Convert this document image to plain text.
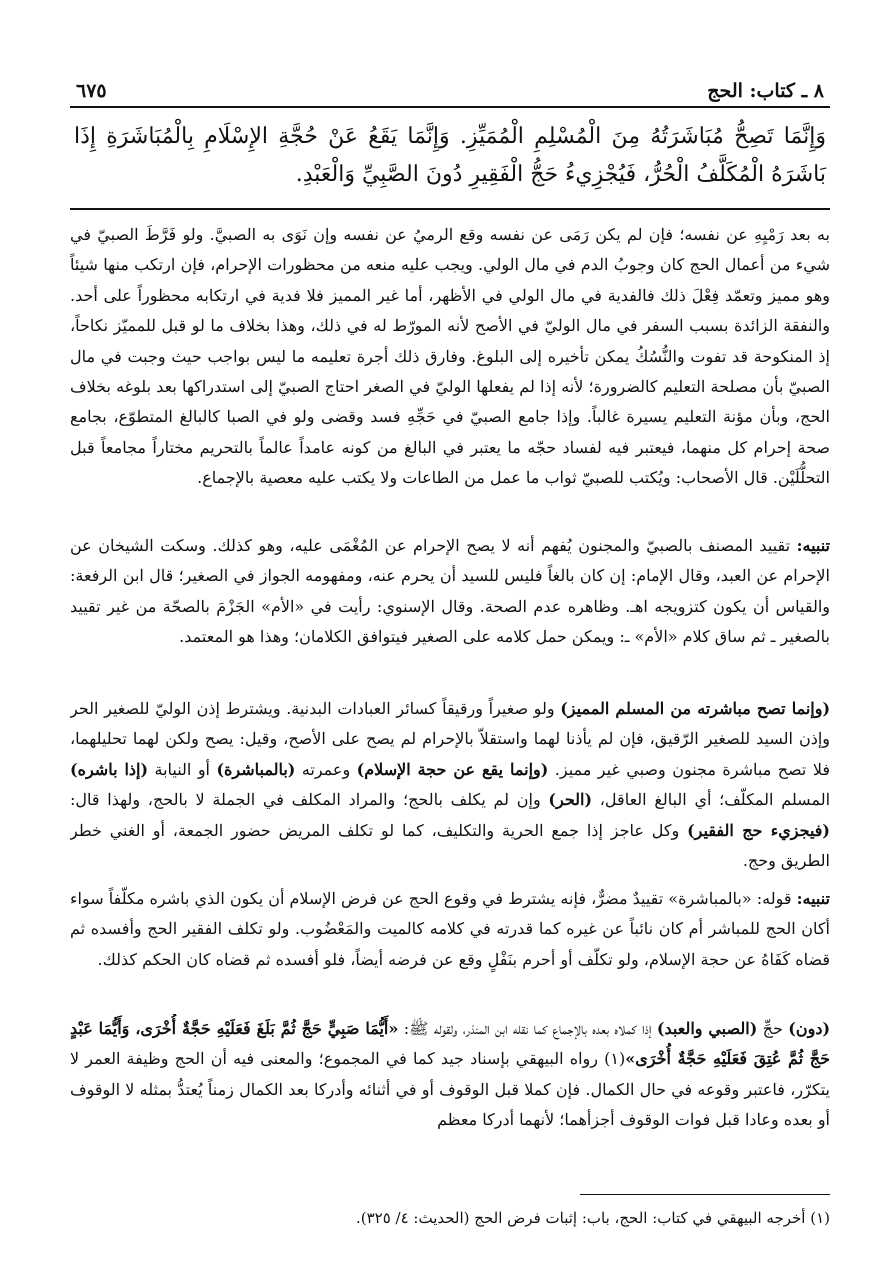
٨ ـ كتاب: الحج
٦٧٥
وَإِنَّمَا تَصِحُّ مُبَاشَرَتُهُ مِنَ الْمُسْلِمِ الْمُمَيِّزِ. وَإِنَّمَا يَقَعُ عَنْ حُجَّةِ الإِسْلَامِ بِالْمُبَاشَرَةِ إِذَا بَاشَرَهُ الْمُكَلَّفُ الْحُرُّ، فَيُجْزِيءُ حَجُّ الْفَقِيرِ دُونَ الصَّبِيِّ وَالْعَبْدِ.

به بعد رَمْيِهِ عن نفسه؛ فإن لم يكن رَمَى عن نفسه وقع الرميُ عن نفسه وإن نَوَى به الصبيَّ. ولو فَرَّطَ الصبيّ في شيء من أعمال الحج كان وجوبُ الدم في مال الولي. ويجب عليه منعه من محظورات الإحرام، فإن ارتكب منها شيئاً وهو مميز وتعمّد فِعْلَ ذلك فالفدية في مال الولي في الأظهر، أما غير المميز فلا فدية في ارتكابه محظوراً على أحد. والنفقة الزائدة بسبب السفر في مال الوليّ في الأصح لأنه المورّط له في ذلك، وهذا بخلاف ما لو قبل للمميّز نكاحاً، إذ المنكوحة قد تفوت والنُّسُكُ يمكن تأخيره إلى البلوغ. وفارق ذلك أجرة تعليمه ما ليس بواجب حيث وجبت في مال الصبيّ بأن مصلحة التعليم كالضرورة؛ لأنه إذا لم يفعلها الوليّ في الصغر احتاج الصبيّ إلى استدراكها بعد بلوغه بخلاف الحج، وبأن مؤنة التعليم يسيرة غالباً. وإذا جامع الصبيّ في حَجِّهِ فسد وقضى ولو في الصبا كالبالغ المتطوّع، بجامع صحة إحرام كل منهما، فيعتبر فيه لفساد حجّه ما يعتبر في البالغ من كونه عامداً عالماً بالتحريم مختاراً مجامعاً قبل التحلُّلَيْن. قال الأصحاب: ويُكتب للصبيّ ثواب ما عمل من الطاعات ولا يكتب عليه معصية بالإجماع.

تنبيه: تقييد المصنف بالصبيّ والمجنون يُفهم أنه لا يصح الإحرام عن المُغْمَى عليه، وهو كذلك. وسكت الشيخان عن الإحرام عن العبد، وقال الإمام: إن كان بالغاً فليس للسيد أن يحرم عنه، ومفهومه الجواز في الصغير؛ قال ابن الرفعة: والقياس أن يكون كتزويجه اهـ. وظاهره عدم الصحة. وقال الإسنوي: رأيت في «الأم» الجَزْمَ بالصحّة من غير تقييد بالصغير ـ ثم ساق كلام «الأم» ـ: ويمكن حمل كلامه على الصغير فيتوافق الكلامان؛ وهذا هو المعتمد.

(وإنما تصح مباشرته من المسلم المميز) ولو صغيراً ورقيقاً كسائر العبادات البدنية. ويشترط إذن الوليّ للصغير الحر وإذن السيد للصغير الرّقيق، فإن لم يأذنا لهما واستقلاّ بالإحرام لم يصح على الأصح، وقيل: يصح ولكن لهما تحليلهما، فلا تصح مباشرة مجنون وصبي غير مميز. (وإنما يقع عن حجة الإسلام) وعمرته (بالمباشرة) أو النيابة (إذا باشره) المسلم المكلّف؛ أي البالغ العاقل، (الحر) وإن لم يكلف بالحج؛ والمراد المكلف في الجملة لا بالحج، ولهذا قال: (فيجزيء حج الفقير) وكل عاجز إذا جمع الحرية والتكليف، كما لو تكلف المريض حضور الجمعة، أو الغني خطر الطريق وحج.

تنبيه: قوله: «بالمباشرة» تقييدٌ مضرٌّ، فإنه يشترط في وقوع الحج عن فرض الإسلام أن يكون الذي باشره مكلّفاً سواء أكان الحج للمباشر أم كان نائباً عن غيره كما قدرته في كلامه كالميت والمَعْضُوب. ولو تكلف الفقير الحج وأفسده ثم قضاه كَفَاهُ عن حجة الإسلام، ولو تكلّف أو أحرم بنَفْلٍ وقع عن فرضه أيضاً، فلو أفسده ثم قضاه كان الحكم كذلك.

(دون) حجِّ (الصبي والعبد) إذا كملاه بعده بالإجماع كما نقله ابن المنذر، ولقوله ﷺ: «أَيُّمَا صَبِيٍّ حَجَّ ثُمَّ بَلَغَ فَعَلَيْهِ حَجَّةٌ أُخْرَى، وَأَيُّمَا عَبْدٍ حَجَّ ثُمَّ عُتِقَ فَعَلَيْهِ حَجَّةٌ أُخْرَى»(١) رواه البيهقي بإسناد جيد كما في المجموع؛ والمعنى فيه أن الحج وظيفة العمر لا يتكرّر، فاعتبر وقوعه في حال الكمال. فإن كملا قبل الوقوف أو في أثنائه وأدركا بعد الكمال زمناً يُعتدُّ بمثله لا الوقوف أو بعده وعادا قبل فوات الوقوف أجزأهما؛ لأنهما أدركا معظم

(١) أخرجه البيهقي في كتاب: الحج، باب: إثبات فرض الحج (الحديث: ٤/ ٣٢٥).
